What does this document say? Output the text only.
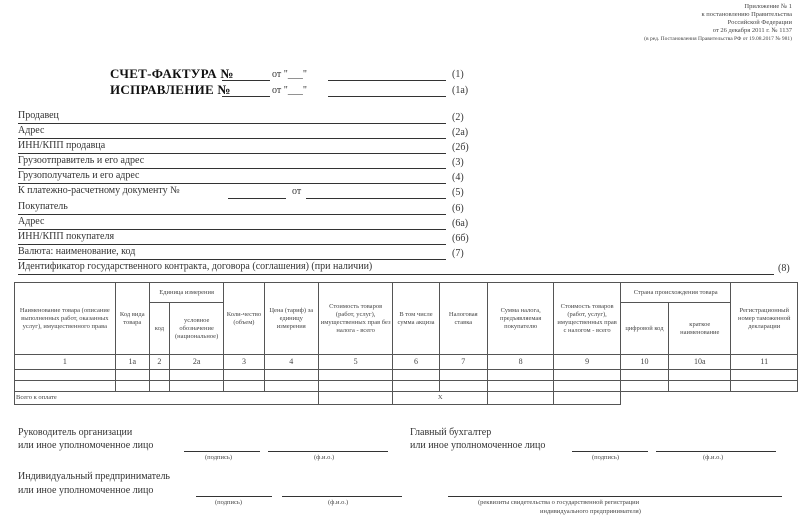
Приложение № 1
к постановлению Правительства
Российской Федерации
от 26 декабря 2011 г. № 1137
(в ред. Постановления Правительства РФ от 19.08.2017 № 981)
СЧЕТ-ФАКТУРА №	от "___"	(1)
ИСПРАВЛЕНИЕ №	от "___"	(1а)
Продавец	(2)
Адрес	(2а)
ИНН/КПП продавца	(2б)
Грузоотправитель и его адрес	(3)
Грузополучатель и его адрес	(4)
К платежно-расчетному документу №	от	(5)
Покупатель	(6)
Адрес	(6а)
ИНН/КПП покупателя	(6б)
Валюта: наименование, код	(7)
Идентификатор государственного контракта, договора (соглашения) (при наличии)	(8)
Наименование товара (описание выполненных работ, оказанных услуг), имущественного права	Код вида товара	Единица измерения		Коли-чество (объем)	Цена (тариф) за единицу измерения	Стоимость товаров (работ, услуг), имущественных прав без налога - всего	В том числе сумма акциза	Налоговая ставка	Сумма налога, предъявляемая покупателю	Стоимость товаров (работ, услуг), имущественных прав с налогом - всего	Страна происхождения товара		Регистрационный номер таможенной декларации
		код	условное обозначение (национальное)								цифровой код	краткое наименование	
1	1а	2	2а	3	4	5	6	7	8	9	10	10а	11

Всего к оплате							X						
Руководитель организации
или иное уполномоченное лицо
(подпись)	(ф.и.о.)
Главный бухгалтер
или иное уполномоченное лицо
(подпись)	(ф.и.о.)
Индивидуальный предприниматель
или иное уполномоченное лицо
(подпись)	(ф.и.о.)	(реквизиты свидетельства о государственной регистрации
индивидуального предпринимателя)
